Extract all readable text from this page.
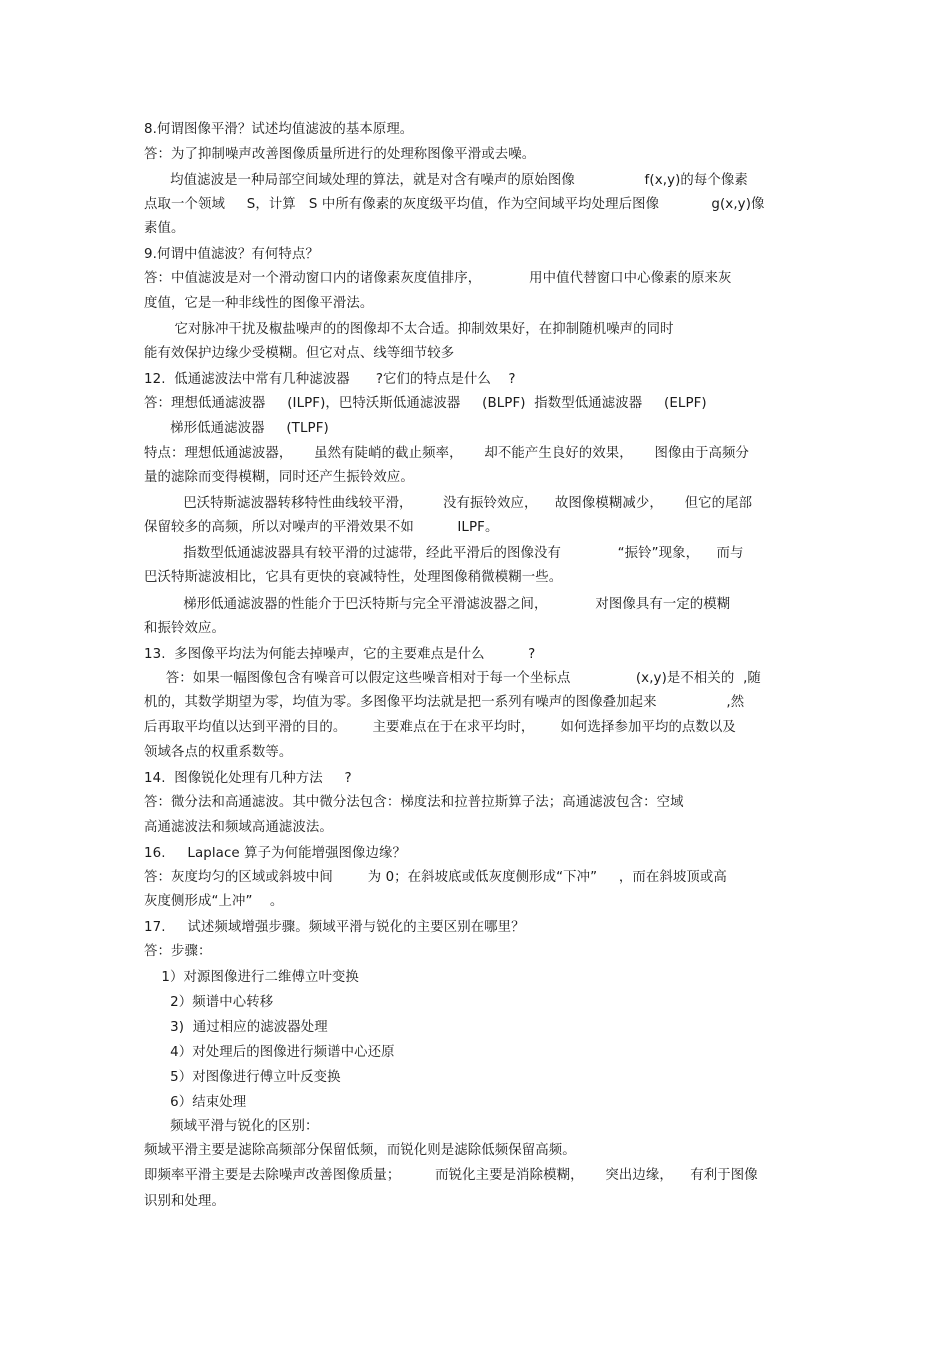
8.何谓图像平滑？试述均值滤波的基本原理。
答：为了抑制噪声改善图像质量所进行的处理称图像平滑或去噪。
均值滤波是一种局部空间域处理的算法，就是对含有噪声的原始图像                f(x,y)的每个像素
点取一个领域     S，计算   S 中所有像素的灰度级平均值，作为空间域平均处理后图像            g(x,y)像
素值。
9.何谓中值滤波？有何特点？
答：中值滤波是对一个滑动窗口内的诸像素灰度值排序，           用中值代替窗口中心像素的原来灰
度值，它是一种非线性的图像平滑法。
它对脉冲干扰及椒盐噪声的的图像却不太合适。抑制效果好，在抑制随机噪声的同时
能有效保护边缘少受模糊。但它对点、线等细节较多
12.  低通滤波法中常有几种滤波器      ?它们的特点是什么    ?
答：理想低通滤波器     (ILPF)，巴特沃斯低通滤波器     (BLPF)  指数型低通滤波器     (ELPF)
梯形低通滤波器     (TLPF)
特点：理想低通滤波器，     虽然有陡峭的截止频率，     却不能产生良好的效果，     图像由于高频分
量的滤除而变得模糊，同时还产生振铃效应。
巴沃特斯滤波器转移特性曲线较平滑，       没有振铃效应，    故图像模糊减少，     但它的尾部
保留较多的高频，所以对噪声的平滑效果不如          ILPF。
指数型低通滤波器具有较平滑的过滤带，经此平滑后的图像没有             “振铃”现象，    而与
巴沃特斯滤波相比，它具有更快的衰减特性，处理图像稍微模糊一些。
梯形低通滤波器的性能介于巴沃特斯与完全平滑滤波器之间，           对图像具有一定的模糊
和振铃效应。
13.  多图像平均法为何能去掉噪声，它的主要难点是什么          ?
答：如果一幅图像包含有噪音可以假定这些噪音相对于每一个坐标点               (x,y)是不相关的  ,随
机的，其数学期望为零，均值为零。多图像平均法就是把一系列有噪声的图像叠加起来                ,然
后再取平均值以达到平滑的目的。      主要难点在于在求平均时，      如何选择参加平均的点数以及
领域各点的权重系数等。
14.  图像锐化处理有几种方法     ?
答：微分法和高通滤波。其中微分法包含：梯度法和拉普拉斯算子法；高通滤波包含：空域
高通滤波法和频域高通滤波法。
16.     Laplace 算子为何能增强图像边缘？
答：灰度均匀的区域或斜坡中间        为 0；在斜坡底或低灰度侧形成“下冲”     ，而在斜坡顶或高
灰度侧形成“上冲”    。
17.     试述频域增强步骤。频域平滑与锐化的主要区别在哪里？
答：步骤：
1）对源图像进行二维傅立叶变换
2）频谱中心转移
3)  通过相应的滤波器处理
4）对处理后的图像进行频谱中心还原
5）对图像进行傅立叶反变换
6）结束处理
频域平滑与锐化的区别：
频域平滑主要是滤除高频部分保留低频，而锐化则是滤除低频保留高频。
即频率平滑主要是去除噪声改善图像质量；        而锐化主要是消除模糊，     突出边缘，    有利于图像
识别和处理。
